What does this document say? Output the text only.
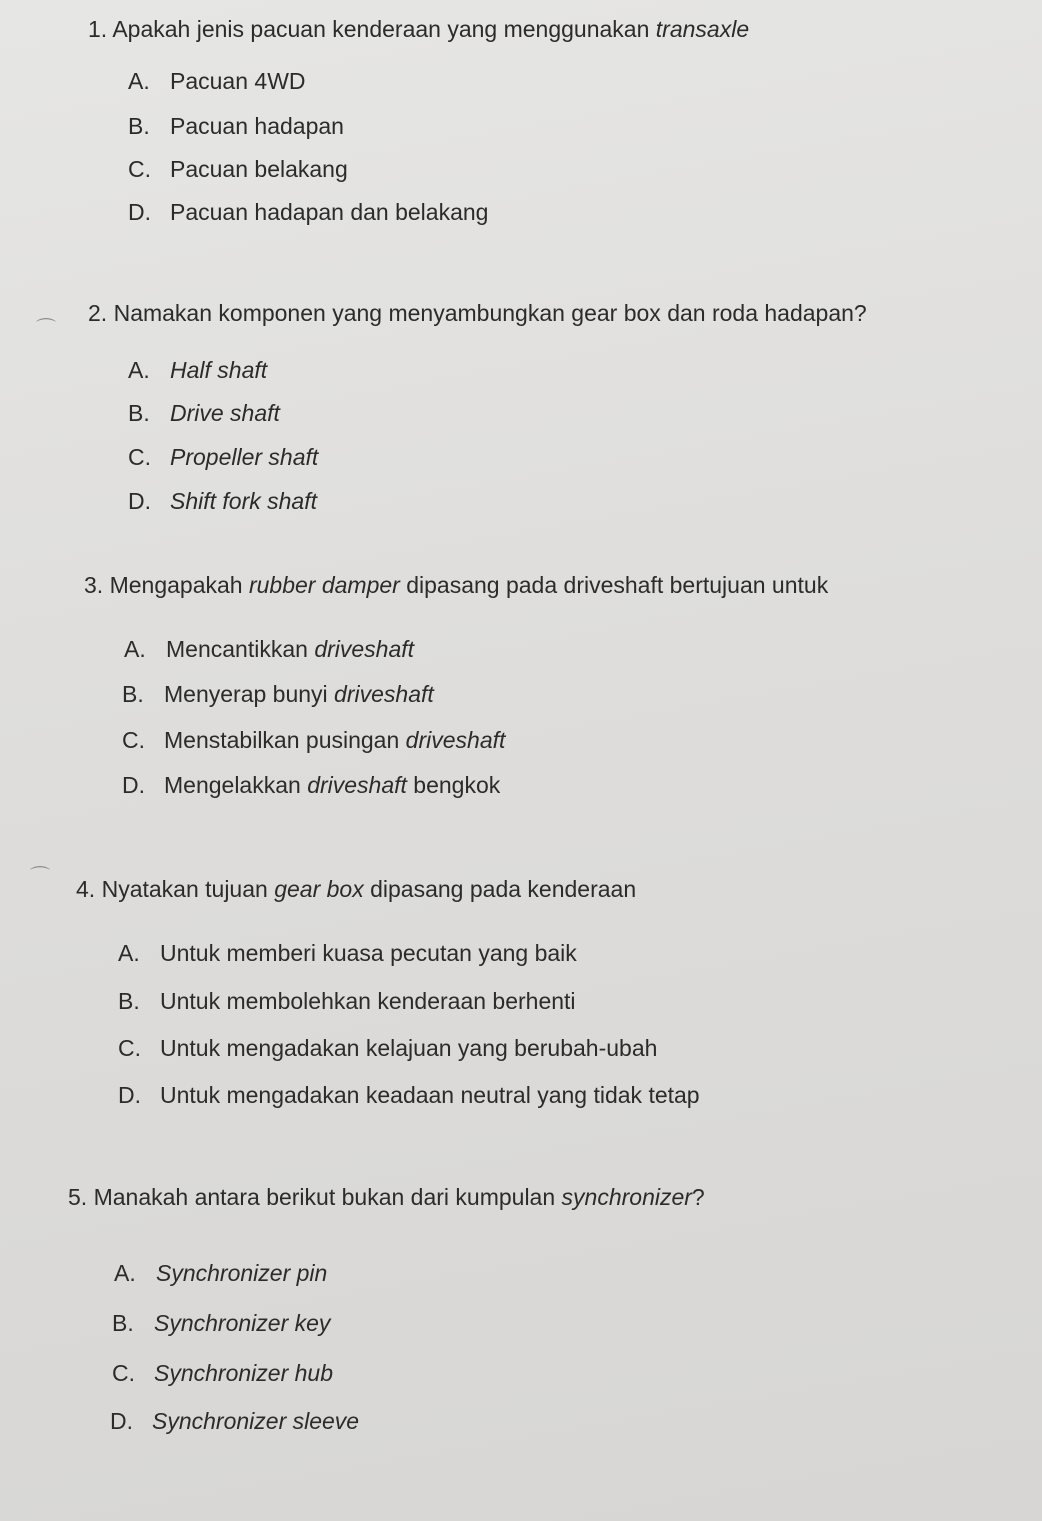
1. Apakah jenis pacuan kenderaan yang menggunakan transaxle
A. Pacuan 4WD
B. Pacuan hadapan
C. Pacuan belakang
D. Pacuan hadapan dan belakang
2. Namakan komponen yang menyambungkan gear box dan roda hadapan?
A. Half shaft
B. Drive shaft
C. Propeller shaft
D. Shift fork shaft
3. Mengapakah rubber damper dipasang pada driveshaft bertujuan untuk
A. Mencantikkan driveshaft
B. Menyerap bunyi driveshaft
C. Menstabilkan pusingan driveshaft
D. Mengelakkan driveshaft bengkok
4. Nyatakan tujuan gear box dipasang pada kenderaan
A. Untuk memberi kuasa pecutan yang baik
B. Untuk membolehkan kenderaan berhenti
C. Untuk mengadakan kelajuan yang berubah-ubah
D. Untuk mengadakan keadaan neutral yang tidak tetap
5. Manakah antara berikut bukan dari kumpulan synchronizer?
A. Synchronizer pin
B. Synchronizer key
C. Synchronizer hub
D. Synchronizer sleeve
⌒
⌒
